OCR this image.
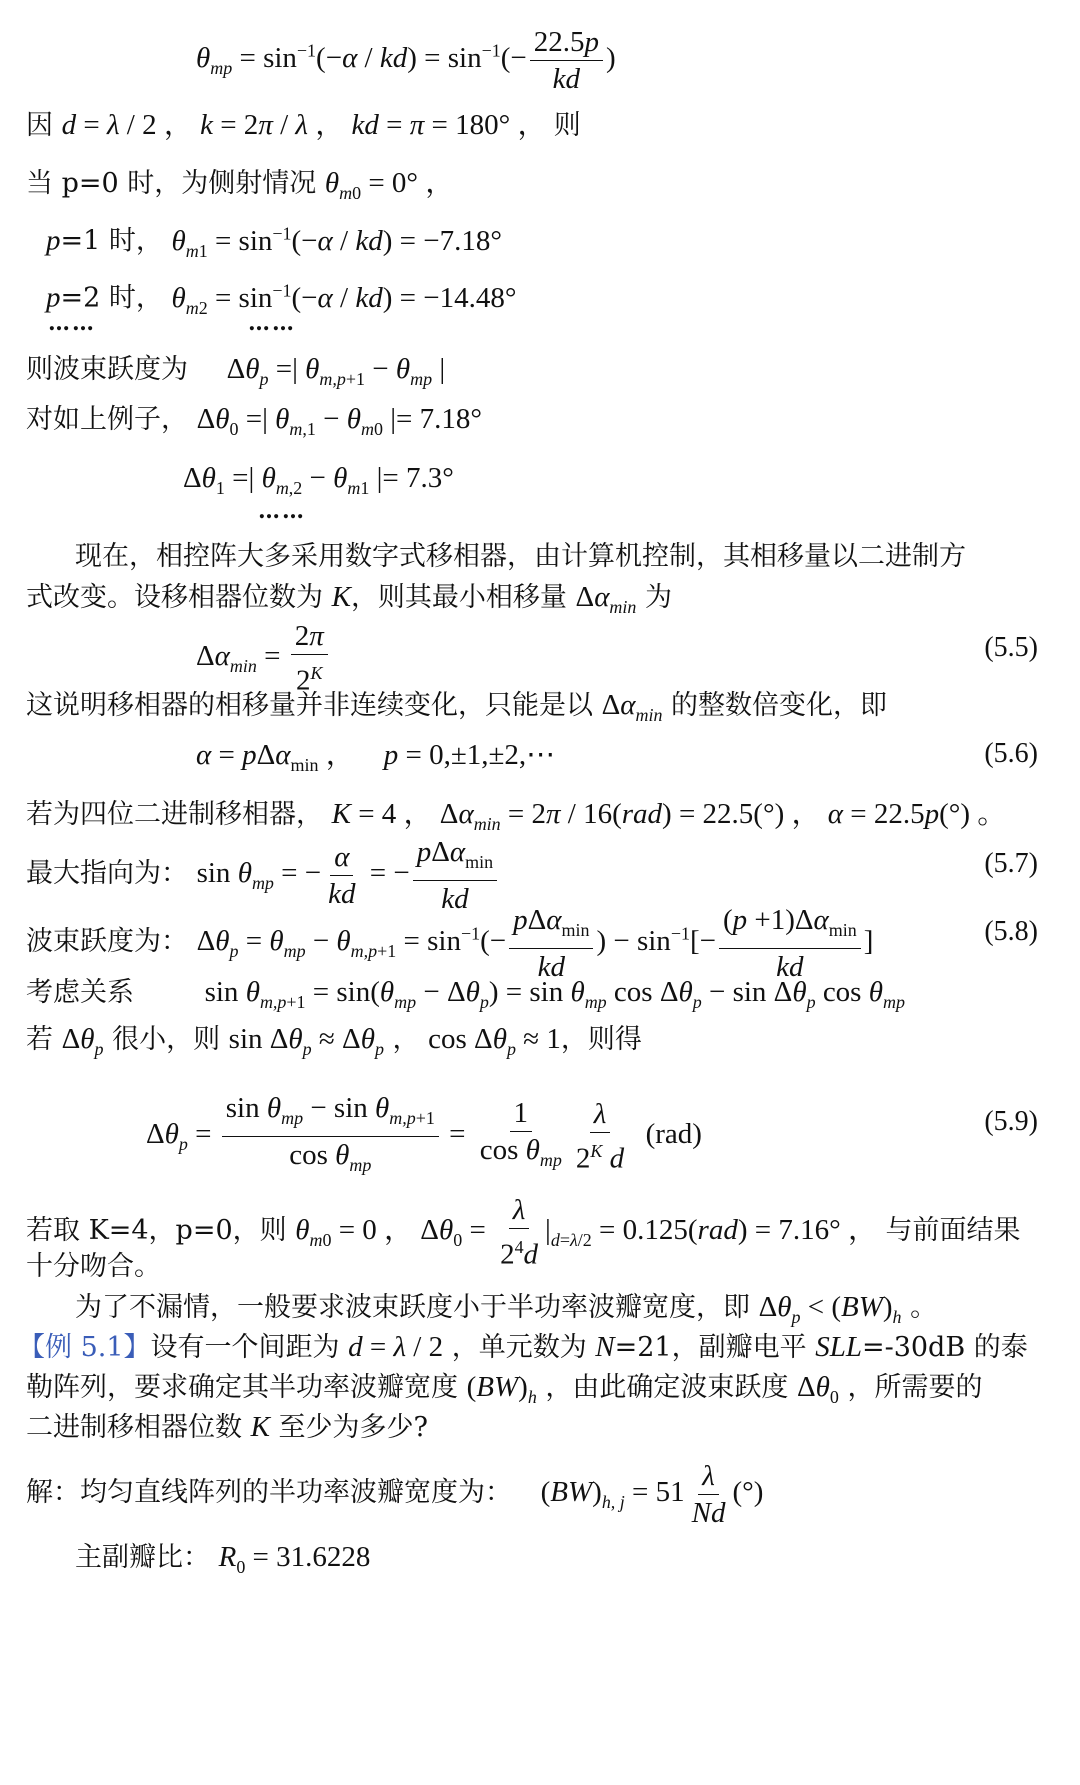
$\theta_{mp} = \sin^{-1}(-\alpha / kd) = \sin^{-1}(- \frac{22.5p}{kd}$ )
因 d = λ / 2 ， k = 2π / λ ， kd = π = 180° ， 则
当 p=0 时，为侧射情况 $\theta_{m0} = 0^\circ$ ，
p=1 时， $\theta_{m1} = \sin^{-1}(-\alpha / kd) = -7.18^\circ$
p=2 时， $\theta_{m2} = \sin^{-1}(-\alpha / kd) = -14.48^\circ$
……	……
则波束跃度为 $\Delta\theta_p$ =| $\theta_{m,p+1} - \theta_{mp}$ |
对如上例子， $\Delta\theta_0$ =| $\theta_{m,1} - \theta_{m0}$ |= 7.18°
$\Delta\theta_1$ =| $\theta_{m,2} - \theta_{m1}$ |= 7.3°
……
现在，相控阵大多采用数字式移相器，由计算机控制，其相移量以二进制方
式改变。设移相器位数为 K，则其最小相移量 $\Delta\alpha_{min}$ 为
$\Delta\alpha_{min} = \frac{2\pi}{2^K}$	(5.5)
这说明移相器的相移量并非连续变化，只能是以 $\Delta\alpha_{min}$ 的整数倍变化，即
α = pΔα$_{min}$ ，    p = 0,±1,±2,⋯	(5.6)
若为四位二进制移相器， K = 4 ， $\Delta\alpha_{min} = 2\pi / 16(rad) = 22.5(^\circ)$ ， α = 22.5p(°) 。
最大指向为： $\sin \theta_{mp}$ = − $\frac{\alpha}{kd}$ = − $\frac{p\Delta\alpha_{min}}{kd}$	(5.7)
波束跃度为： $\Delta\theta_p = \theta_{mp} - \theta_{m,p+1} = \sin^{-1}(- \frac{p\Delta\alpha_{min}}{kd}$ ) − $\sin^{-1}[- \frac{(p +1)\Delta\alpha_{min}}{kd}$ ]	(5.8)
考虑关系 $\sin \theta_{m,p+1} = \sin(\theta_{mp} - \Delta\theta_p) = \sin \theta_{mp}$ $\cos \Delta\theta_p - \sin \Delta\theta_p$ $\cos \theta_{mp}$
若 $\Delta\theta_p$ 很小，则 $\sin \Delta\theta_p \approx \Delta\theta_p$ ， $\cos \Delta\theta_p \approx 1$，则得
$\Delta\theta_p = \frac{\sin \theta_{mp} - \sin \theta_{m,p+1}}{\cos \theta_{mp}} = \frac{1}{\cos \theta_{mp}} \frac{\lambda}{2^K d} (rad)$	(5.9)
若取 K=4，p=0，则 $\theta_{m0} = 0$ ， $\Delta\theta_0 = \frac{\lambda}{2^4d} |_{d=\lambda/2} = 0.125(rad) = 7.16^\circ$ ， 与前面结果
十分吻合。
为了不漏情，一般要求波束跃度小于半功率波瓣宽度，即 $\Delta\theta_p < (BW)_h$ 。
【例 5.1】设有一个间距为 d = λ / 2 ，单元数为 N=21，副瓣电平 SLL=-30dB 的泰
勒阵列，要求确定其半功率波瓣宽度 $(BW)_h$ ，由此确定波束跃度 $\Delta\theta_0$ ，所需要的
二进制移相器位数 K 至少为多少?
解：均匀直线阵列的半功率波瓣宽度为： $(BW)_{h, j} = 51 \frac{\lambda}{Nd}$ (°)
主副瓣比： $R_0 = 31.6228$
